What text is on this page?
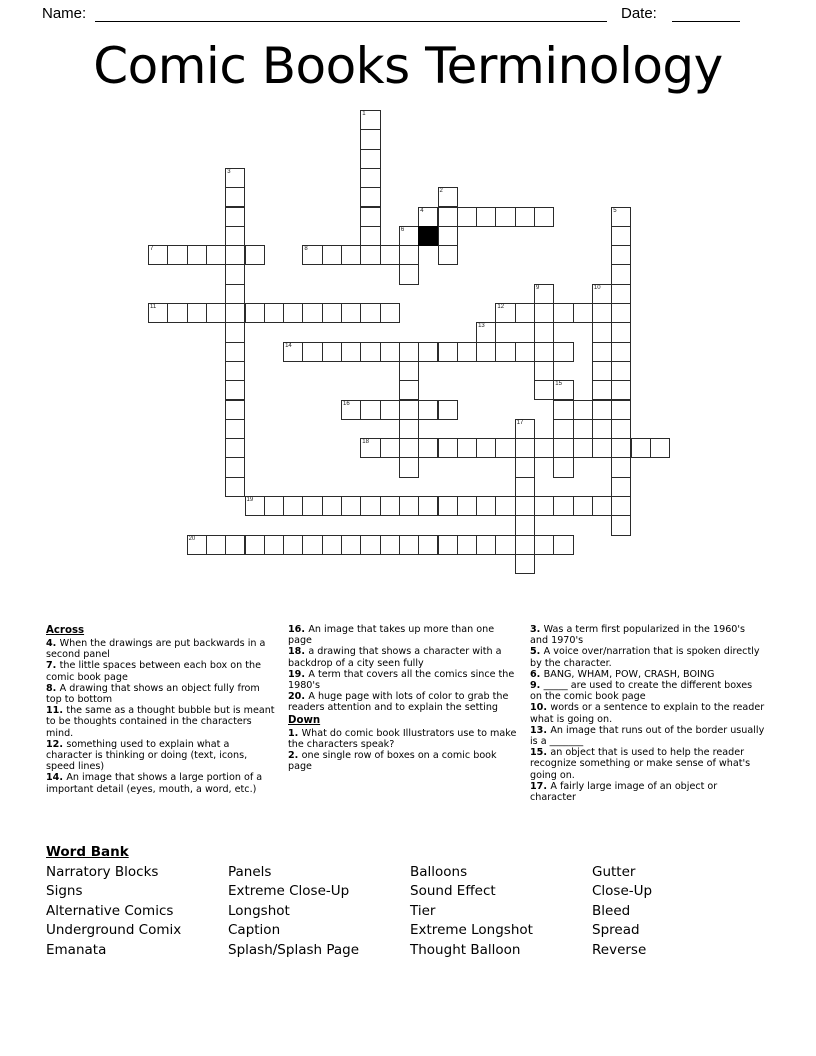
Name:	Date:
Comic Books Terminology
1
2
3
4	5
6
7	8
9	10
11	12
13
14
15
16
17
18
19
20
Across
4. When the drawings are put backwards in a second panel
7. the little spaces between each box on the comic book page
8. A drawing that shows an object fully from top to bottom
11. the same as a thought bubble but is meant to be thoughts contained in the characters mind.
12. something used to explain what a character is thinking or doing (text, icons, speed lines)
14. An image that shows a large portion of a important detail (eyes, mouth, a word, etc.)
16. An image that takes up more than one page
18. a drawing that shows a character with a backdrop of a city seen fully
19. A term that covers all the comics since the 1980's
20. A huge page with lots of color to grab the readers attention and to explain the setting
Down
1. What do comic book Illustrators use to make the characters speak?
2. one single row of boxes on a comic book page
3. Was a term first popularized in the 1960's and 1970's
5. A voice over/narration that is spoken directly by the character.
6. BANG, WHAM, POW, CRASH, BOING
9. _____ are used to create the different boxes on the comic book page
10. words or a sentence to explain to the reader what is going on.
13. An image that runs out of the border usually is a _______
15. an object that is used to help the reader recognize something or make sense of what's going on.
17. A fairly large image of an object or character
Word Bank
Narratory Blocks
Signs
Alternative Comics
Underground Comix
Emanata
Panels
Extreme Close-Up
Longshot
Caption
Splash/Splash Page
Balloons
Sound Effect
Tier
Extreme Longshot
Thought Balloon
Gutter
Close-Up
Bleed
Spread
Reverse
